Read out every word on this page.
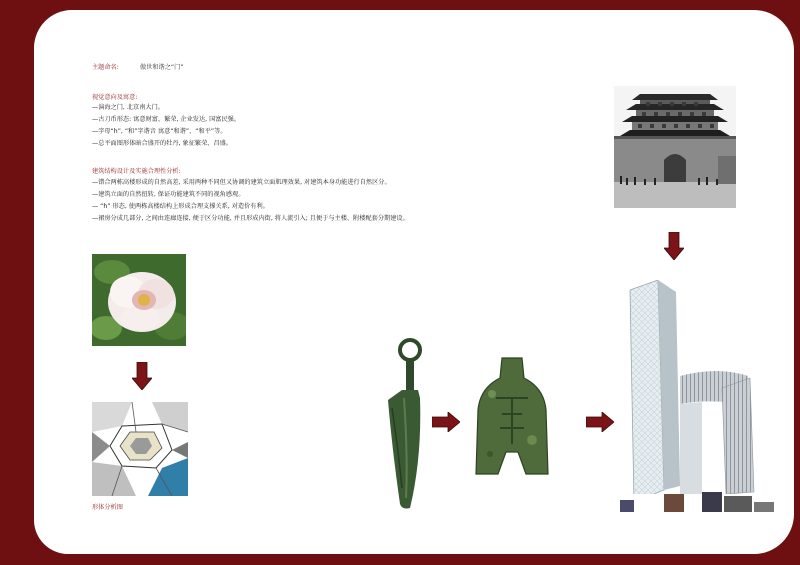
主题命名:	傲世和谐之“门”
视觉意向及寓意:
—演海之门, 北京南大门。
—古刀币形态: 寓意财富、繁荣, 企业发达, 国富民强。
—字母“h”, “和”字谐音 寓意“和谐”、“和平”等。
—总平面图形体暗合盛开的牡丹, 象征繁荣、昌盛。
建筑结构设计及实施合理性分析:
—错合两栋高楼形成的自然高差, 采用两种不同但又协调的建筑立面肌理效果, 对建筑本身功能进行自然区分。
—建筑立面的自然扭转, 保证功能建筑不同的视角感观。
— “h” 形态, 使两栋高楼结构上形成合理支撑关系, 对造价有利。
—裙房分成几部分, 之间由连廊连接, 便于区分功能, 并且形成内街, 将人流引入; 且便于与主楼、附楼配套分期建设。
形体分析图
